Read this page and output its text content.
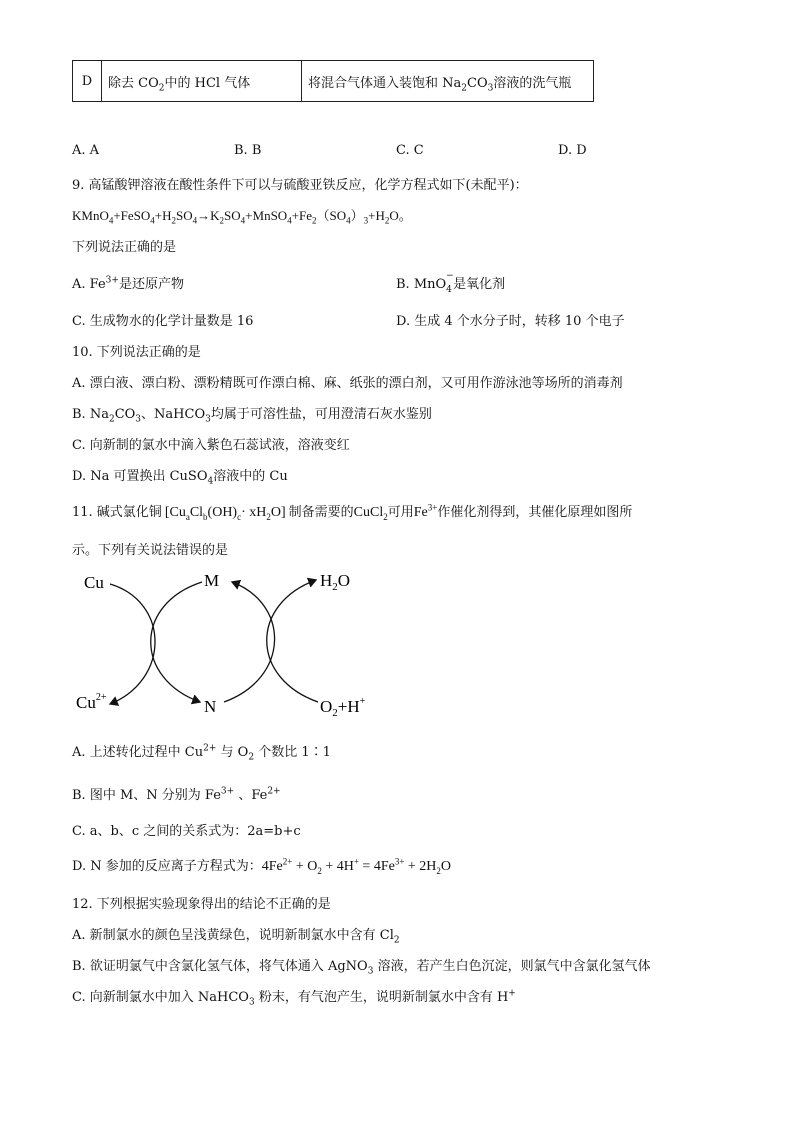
D	除去 $CO_2$中的 HCl 气体	将混合气体通入装饱和 $Na_2CO_3$溶液的洗气瓶
A. A	B. B	C. C	D. D
9. 高锰酸钾溶液在酸性条件下可以与硫酸亚铁反应，化学方程式如下(未配平)：
$KMnO_4+FeSO_4+H_2SO_4\to K_2SO_4+MnSO_4+Fe_2(SO_4)_3+H_2O$。
下列说法正确的是
A. $Fe^{3+}$是还原产物	B. MnO
−
4 是氧化剂
C. 生成物水的化学计量数是 16	D. 生成 4 个水分子时，转移 10 个电子
10. 下列说法正确的是
A. 漂白液、漂白粉、漂粉精既可作漂白棉、麻、纸张的漂白剂，又可用作游泳池等场所的消毒剂
B. $Na_2CO_3$、NaHCO$_3$均属于可溶性盐，可用澄清石灰水鉴别
C. 向新制的氯水中滴入紫色石蕊试液，溶液变红
D. Na 可置换出 CuSO$_4$溶液中的 Cu
11. 碱式氯化铜 $[Cu_aCl_b(OH)_c\cdot xH_2O]$ 制备需要的CuCl$_2$可用$Fe^{3+}$作催化剂得到，其催化原理如图所
示。下列有关说法错误的是
Cu	M	$H_2O$
$Cu^{2+}$	N	$O_2+H^+$
A. 上述转化过程中 $Cu^{2+}$ 与 $O_2$ 个数比 1∶1
B. 图中 M、N 分别为 $Fe^{3+}$ 、$Fe^{2+}$
C. a、b、c 之间的关系式为：2a=b+c
D. N 参加的反应离子方程式为：$4Fe^{2+} + O_2 + 4H^+ = 4Fe^{3+} + 2H_2O$
12. 下列根据实验现象得出的结论不正确的是
A. 新制氯水的颜色呈浅黄绿色，说明新制氯水中含有 $Cl_2$
B. 欲证明氯气中含氯化氢气体，将气体通入 AgNO$_3$ 溶液，若产生白色沉淀，则氯气中含氯化氢气体
C. 向新制氯水中加入 NaHCO$_3$ 粉末，有气泡产生，说明新制氯水中含有 H+
